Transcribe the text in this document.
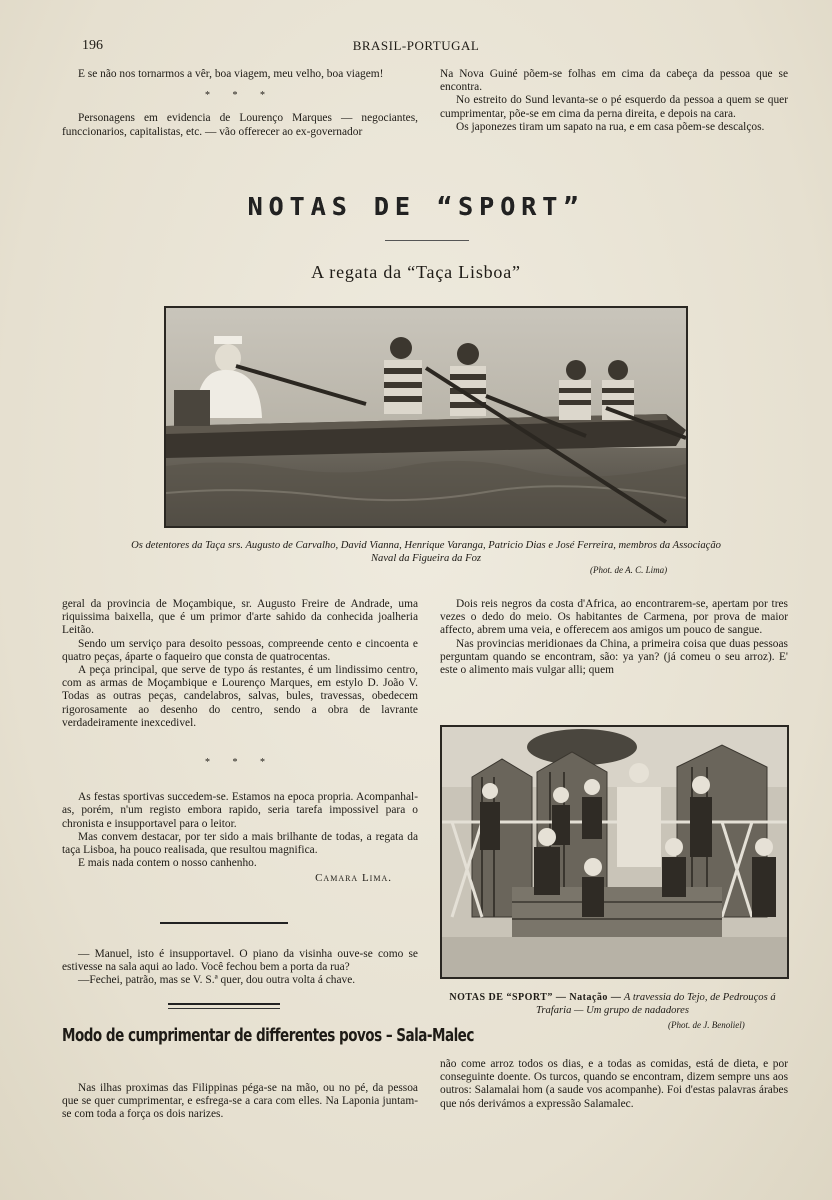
196	BRASIL-PORTUGAL

E se não nos tornarmos a vêr, boa viagem, meu velho, boa viagem!

* * *

Personagens em evidencia de Lourenço Marques — negociantes, funccionarios, capitalistas, etc. — vão offerecer ao ex-governador

Na Nova Guiné põem-se folhas em cima da cabeça da pessoa que se encontra.

No estreito do Sund levanta-se o pé esquerdo da pessoa a quem se quer cumprimentar, põe-se em cima da perna direita, e depois na cara.

Os japonezes tiram um sapato na rua, e em casa põem-se descalços.

NOTAS DE “SPORT”
A regata da “Taça Lisboa”
Os detentores da Taça srs. Augusto de Carvalho, David Vianna, Henrique Varanga, Patricio Dias e José Ferreira, membros da Associação Naval da Figueira da Foz
(Phot. de A. C. Lima)

geral da provincia de Moçambique, sr. Augusto Freire de Andrade, uma riquissima baixella, que é um primor d'arte sahido da conhecida joalheria Leitão.

Sendo um serviço para desoito pessoas, compreende cento e cincoenta e quatro peças, áparte o faqueiro que consta de quatrocentas.

A peça principal, que serve de typo ás restantes, é um lindissimo centro, com as armas de Moçambique e Lourenço Marques, em estylo D. João V. Todas as outras peças, candelabros, salvas, bules, travessas, obedecem rigorosamente ao desenho do centro, sendo a obra de lavrante verdadeiramente inexcedivel.

* * *

As festas sportivas succedem-se. Estamos na epoca propria. Acompanhal-as, porém, n'um registo embora rapido, seria tarefa impossivel para o chronista e insupportavel para o leitor.

Mas convem destacar, por ter sido a mais brilhante de todas, a regata da taça Lisboa, ha pouco realisada, que resultou magnifica.

E mais nada contem o nosso canhenho.

Camara Lima.

— Manuel, isto é insupportavel. O piano da visinha ouve-se como se estivesse na sala aqui ao lado. Você fechou bem a porta da rua?

—Fechei, patrão, mas se V. S.ª quer, dou outra volta á chave.

Modo de cumprimentar de differentes povos – Sala-Malec

Nas ilhas proximas das Filippinas péga-se na mão, ou no pé, da pessoa que se quer cumprimentar, e esfrega-se a cara com elles. Na Laponia juntam-se com toda a força os dois narizes.

Dois reis negros da costa d'Africa, ao encontrarem-se, apertam por tres vezes o dedo do meio. Os habitantes de Carmena, por prova de maior affecto, abrem uma veia, e offerecem aos amigos um pouco de sangue.

Nas provincias meridionaes da China, a primeira coisa que duas pessoas perguntam quando se encontram, são: ya yan? (já comeu o seu arroz). E' este o alimento mais vulgar alli; quem

NOTAS DE “SPORT” — Natação — A travessia do Tejo, de Pedrouços á Trafaria — Um grupo de nadadores
(Phot. de J. Benoliel)

não come arroz todos os dias, e a todas as comidas, está de dieta, e por conseguinte doente. Os turcos, quando se encontram, dizem sempre uns aos outros: Salamalai hom (a saude vos acompanhe). Foi d'estas palavras árabes que nós derivámos a expressão Salamalec.
